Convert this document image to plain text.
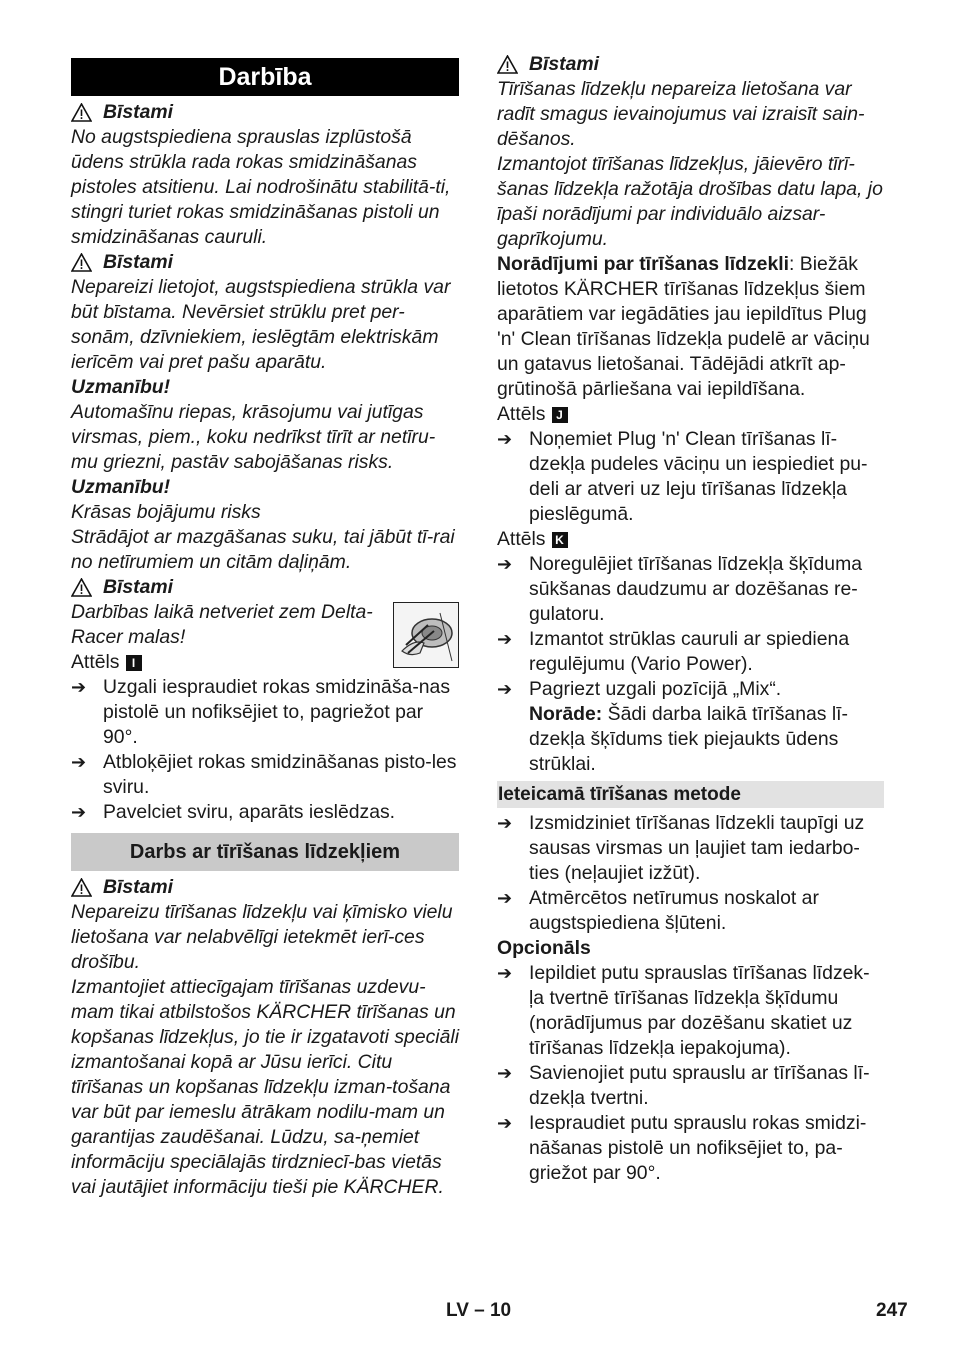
Darbība
Bīstami

No augstspiediena sprauslas izplūstošā ūdens strūkla rada rokas smidzināšanas pistoles atsitienu. Lai nodrošinātu stabilitā-ti, stingri turiet rokas smidzināšanas pistoli un smidzināšanas cauruli.

Bīstami

Nepareizi lietojot, augstspiediena strūkla var būt bīstama. Nevērsiet strūklu pret per-sonām, dzīvniekiem, ieslēgtām elektriskām ierīcēm vai pret pašu aparātu.

Uzmanību!

Automašīnu riepas, krāsojumu vai jutīgas virsmas, piem., koku nedrīkst tīrīt ar netīru-mu griezni, pastāv sabojāšanas risks.

Uzmanību!

Krāsas bojājumu risks

Strādājot ar mazgāšanas suku, tai jābūt tī-rai no netīrumiem un citām daļiņām.

Bīstami

Darbības laikā netveriet zem Delta-Racer malas!

Attēls	I
➔ Uzgali iespraudiet rokas smidzināša-nas pistolē un nofiksējiet to, pagriežot par 90°.
➔ Atbloķējiet rokas smidzināšanas pisto-les sviru.
➔ Pavelciet sviru, aparāts ieslēdzas.
Darbs ar tīrīšanas līdzekļiem
Bīstami

Nepareizu tīrīšanas līdzekļu vai ķīmisko vielu lietošana var nelabvēlīgi ietekmēt ierī-ces drošību.

Izmantojiet attiecīgajam tīrīšanas uzdevu-mam tikai atbilstošos KÄRCHER tīrīšanas un kopšanas līdzekļus, jo tie ir izgatavoti speciāli izmantošanai kopā ar Jūsu ierīci. Citu tīrīšanas un kopšanas līdzekļu izman-tošana var būt par iemeslu ātrākam nodilu-mam un garantijas zaudēšanai. Lūdzu, sa-ņemiet informāciju speciālajās tirdzniecī-bas vietās vai jautājiet informāciju tieši pie KÄRCHER.

Bīstami

Tīrīšanas līdzekļu nepareiza lietošana var radīt smagus ievainojumus vai izraisīt sain-dēšanos.

Izmantojot tīrīšanas līdzekļus, jāievēro tīrī-šanas līdzekļa ražotāja drošības datu lapa, jo īpaši norādījumi par individuālo aizsar-gaprīkojumu.

Norādījumi par tīrīšanas līdzekli: Biežāk lietotos KÄRCHER tīrīšanas līdzekļus šiem aparātiem var iegādāties jau iepildītus Plug 'n' Clean tīrīšanas līdzekļa pudelē ar vāciņu un gatavus lietošanai. Tādējādi atkrīt ap-grūtinošā pārliešana vai iepildīšana.

Attēls J
➔ Noņemiet Plug 'n' Clean tīrīšanas lī-dzekļa pudeles vāciņu un iespiediet pu-deli ar atveri uz leju tīrīšanas līdzekļa pieslēgumā.
Attēls K
➔ Noregulējiet tīrīšanas līdzekļa šķīduma sūkšanas daudzumu ar dozēšanas re-gulatoru.
➔ Izmantot strūklas cauruli ar spiediena regulējumu (Vario Power).
➔ Pagriezt uzgali pozīcijā „Mix“.

Norāde: Šādi darba laikā tīrīšanas lī-dzekļa šķīdums tiek piejaukts ūdens strūklai.

Ieteicamā tīrīšanas metode
➔ Izsmidziniet tīrīšanas līdzekli taupīgi uz sausas virsmas un ļaujiet tam iedarbo-ties (neļaujiet izžūt).
➔ Atmērcētos netīrumus noskalot ar augstspiediena šļūteni.

Opcionāls

➔ Iepildiet putu sprauslas tīrīšanas līdzek-ļa tvertnē tīrīšanas līdzekļa šķīdumu (norādījumus par dozēšanu skatiet uz tīrīšanas līdzekļa iepakojuma).
➔ Savienojiet putu sprauslu ar tīrīšanas lī-dzekļa tvertni.
➔ Iespraudiet putu sprauslu rokas smidzi-nāšanas pistolē un nofiksējiet to, pa-griežot par 90°.
LV – 10	247
